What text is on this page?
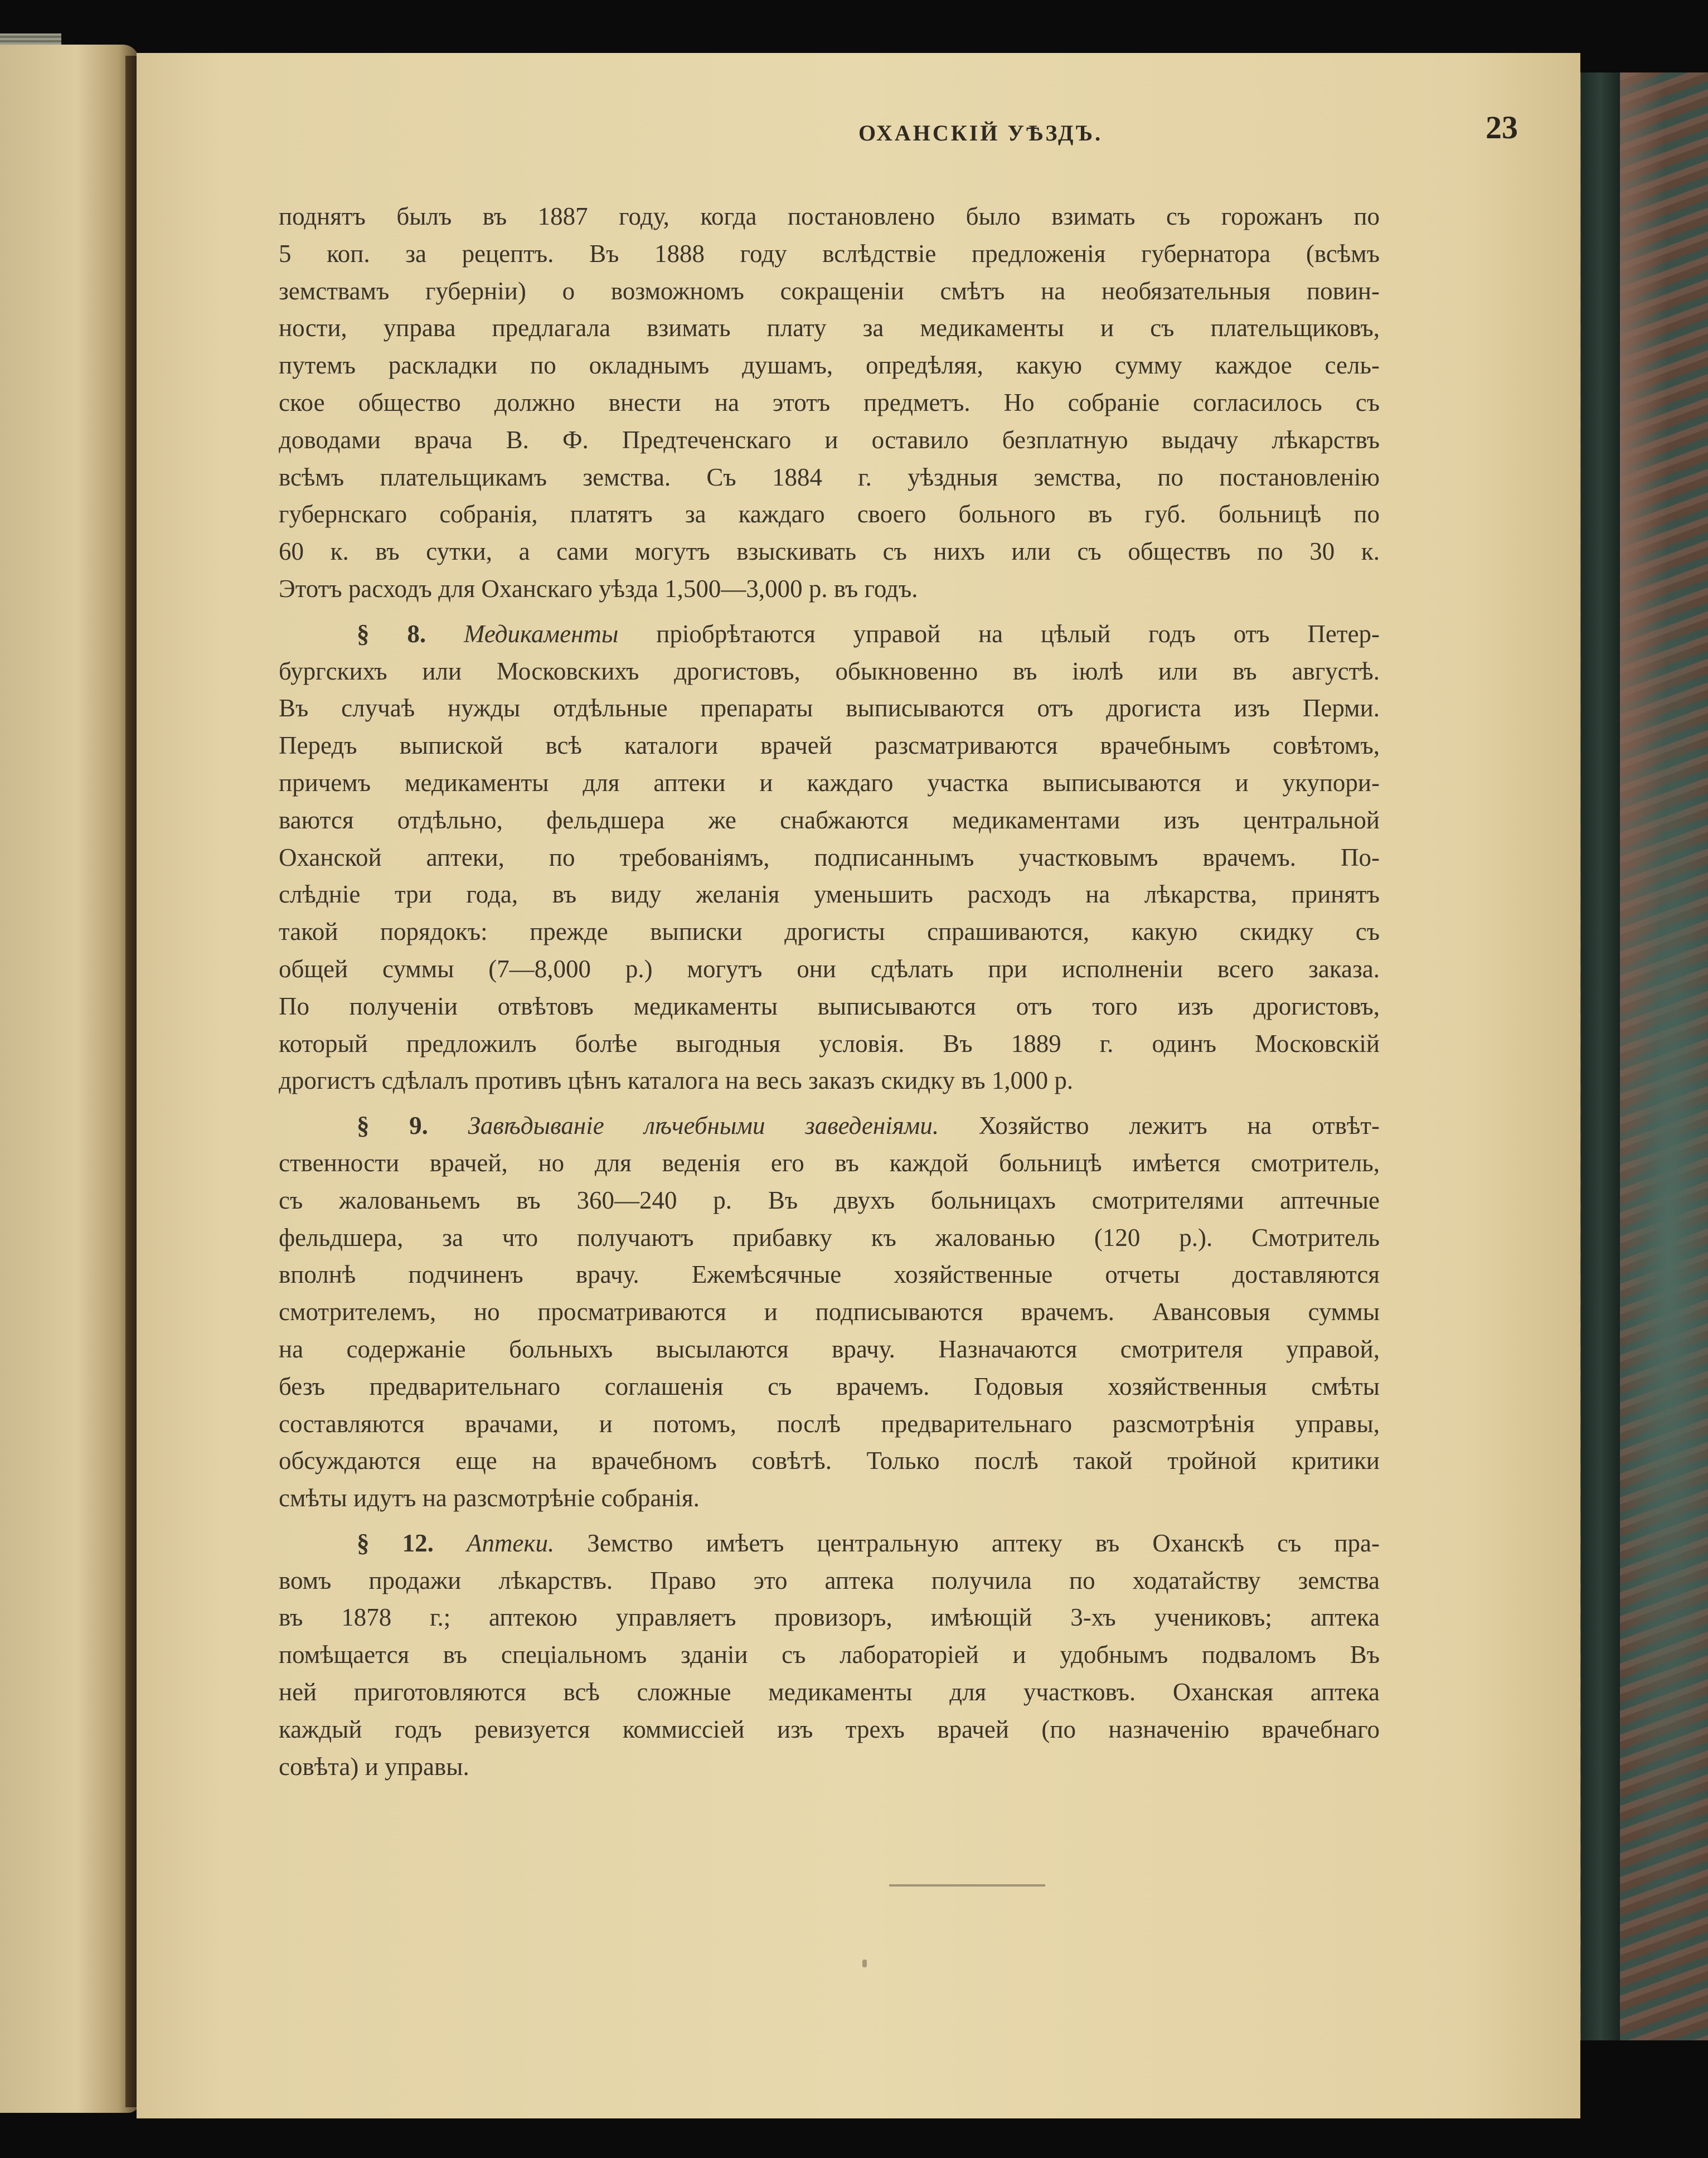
ОХАНСКІЙ УѢЗДЪ.	23
поднятъ былъ въ 1887 году, когда постановлено было взимать съ горожанъ по
5 коп. за рецептъ. Въ 1888 году вслѣдствіе предложенія губернатора (всѣмъ
земствамъ губерніи) о возможномъ сокращеніи смѣтъ на необязательныя повин-
ности, управа предлагала взимать плату за медикаменты и съ плательщиковъ,
путемъ раскладки по окладнымъ душамъ, опредѣляя, какую сумму каждое сель-
ское общество должно внести на этотъ предметъ. Но собраніе согласилось съ
доводами врача В. Ф. Предтеченскаго и оставило безплатную выдачу лѣкарствъ
всѣмъ плательщикамъ земства. Съ 1884 г. уѣздныя земства, по постановленію
губернскаго собранія, платятъ за каждаго своего больного въ губ. больницѣ по
60 к. въ сутки, а сами могутъ взыскивать съ нихъ или съ обществъ по 30 к.
Этотъ расходъ для Оханскаго уѣзда 1,500—3,000 р. въ годъ.
§ 8. Медикаменты пріобрѣтаются управой на цѣлый годъ отъ Петер-
бургскихъ или Московскихъ дрогистовъ, обыкновенно въ іюлѣ или въ августѣ.
Въ случаѣ нужды отдѣльные препараты выписываются отъ дрогиста изъ Перми.
Передъ выпиской всѣ каталоги врачей разсматриваются врачебнымъ совѣтомъ,
причемъ медикаменты для аптеки и каждаго участка выписываются и укупори-
ваются отдѣльно, фельдшера же снабжаются медикаментами изъ центральной
Оханской аптеки, по требованіямъ, подписаннымъ участковымъ врачемъ. По-
слѣдніе три года, въ виду желанія уменьшить расходъ на лѣкарства, принятъ
такой порядокъ: прежде выписки дрогисты спрашиваются, какую скидку съ
общей суммы (7—8,000 р.) могутъ они сдѣлать при исполненіи всего заказа.
По полученіи отвѣтовъ медикаменты выписываются отъ того изъ дрогистовъ,
который предложилъ болѣе выгодныя условія. Въ 1889 г. одинъ Московскій
дрогистъ сдѣлалъ противъ цѣнъ каталога на весь заказъ скидку въ 1,000 р.
§ 9. Завѣдываніе лѣчебными заведеніями. Хозяйство лежитъ на отвѣт-
ственности врачей, но для веденія его въ каждой больницѣ имѣется смотритель,
съ жалованьемъ въ 360—240 р. Въ двухъ больницахъ смотрителями аптечные
фельдшера, за что получаютъ прибавку къ жалованью (120 р.). Смотритель
вполнѣ подчиненъ врачу. Ежемѣсячные хозяйственные отчеты доставляются
смотрителемъ, но просматриваются и подписываются врачемъ. Авансовыя суммы
на содержаніе больныхъ высылаются врачу. Назначаются смотрителя управой,
безъ предварительнаго соглашенія съ врачемъ. Годовыя хозяйственныя смѣты
составляются врачами, и потомъ, послѣ предварительнаго разсмотрѣнія управы,
обсуждаются еще на врачебномъ совѣтѣ. Только послѣ такой тройной критики
смѣты идутъ на разсмотрѣніе собранія.
§ 12. Аптеки. Земство имѣетъ центральную аптеку въ Оханскѣ съ пра-
вомъ продажи лѣкарствъ. Право это аптека получила по ходатайству земства
въ 1878 г.; аптекою управляетъ провизоръ, имѣющій 3-хъ учениковъ; аптека
помѣщается въ спеціальномъ зданіи съ лабораторіей и удобнымъ подваломъ Въ
ней приготовляются всѣ сложные медикаменты для участковъ. Оханская аптека
каждый годъ ревизуется коммиссіей изъ трехъ врачей (по назначенію врачебнаго
совѣта) и управы.
